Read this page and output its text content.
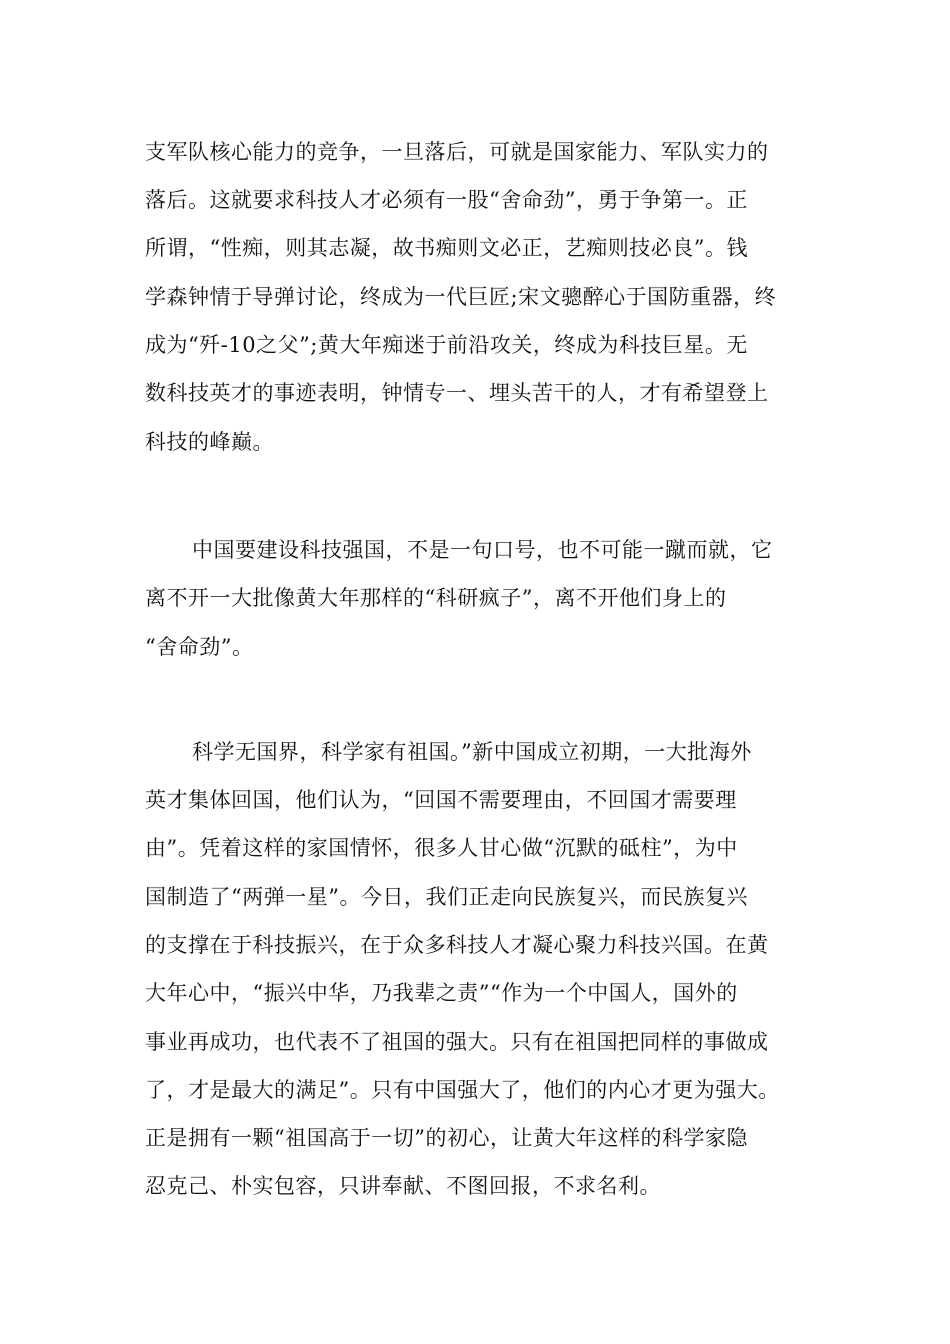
支军队核心能力的竞争，一旦落后，可就是国家能力、军队实力的
落后。这就要求科技人才必须有一股“舍命劲”，勇于争第一。正
所谓，“性痴，则其志凝，故书痴则文必正，艺痴则技必良”。钱
学森钟情于导弹讨论，终成为一代巨匠;宋文骢醉心于国防重器，终
成为“歼-10之父”;黄大年痴迷于前沿攻关，终成为科技巨星。无
数科技英才的事迹表明，钟情专一、埋头苦干的人，才有希望登上
科技的峰巅。
中国要建设科技强国，不是一句口号，也不可能一蹴而就，它
离不开一大批像黄大年那样的“科研疯子”，离不开他们身上的
“舍命劲”。
科学无国界，科学家有祖国。”新中国成立初期，一大批海外
英才集体回国，他们认为，“回国不需要理由，不回国才需要理
由”。凭着这样的家国情怀，很多人甘心做“沉默的砥柱”，为中
国制造了“两弹一星”。今日，我们正走向民族复兴，而民族复兴
的支撑在于科技振兴，在于众多科技人才凝心聚力科技兴国。在黄
大年心中，“振兴中华，乃我辈之责”“作为一个中国人，国外的
事业再成功，也代表不了祖国的强大。只有在祖国把同样的事做成
了，才是最大的满足”。只有中国强大了，他们的内心才更为强大。
正是拥有一颗“祖国高于一切”的初心，让黄大年这样的科学家隐
忍克己、朴实包容，只讲奉献、不图回报，不求名利。
